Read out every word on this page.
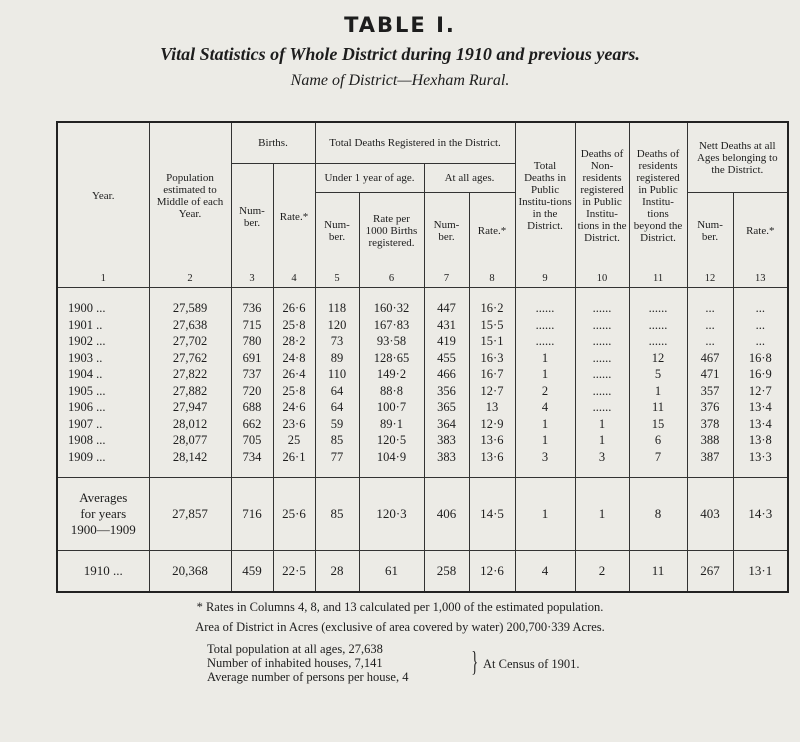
TABLE I.
Vital Statistics of Whole District during 1910 and previous years.
Name of District—Hexham Rural.
Year.	Population estimated to Middle of each Year.	Births.		Total Deaths Registered in the District.				Total Deaths in Public Institu-tions in the District.	Deaths of Non-residents registered in Public Institu-tions in the District.	Deaths of residents registered in Public Institu-tions beyond the District.	Nett Deaths at all Ages belonging to the District.	
		Num-ber.	Rate.*	Under 1 year of age.		At all ages.						
				Num-ber.	Rate per 1000 Births registered.	Num-ber.	Rate.*				Num-ber.	Rate.*
1	2	3	4	5	6	7	8	9	10	11	12	13

1900 ...	27,589	736	26·6	118	160·32	447	16·2	......	......	......	...	...
1901 ..	27,638	715	25·8	120	167·83	431	15·5	......	......	......	...	...
1902 ...	27,702	780	28·2	73	93·58	419	15·1	......	......	......	...	...
1903 ..	27,762	691	24·8	89	128·65	455	16·3	1	......	12	467	16·8
1904 ..	27,822	737	26·4	110	149·2	466	16·7	1	......	5	471	16·9
1905 ...	27,882	720	25·8	64	88·8	356	12·7	2	......	1	357	12·7
1906 ...	27,947	688	24·6	64	100·7	365	13	4	......	11	376	13·4
1907 ..	28,012	662	23·6	59	89·1	364	12·9	1	1	15	378	13·4
1908 ...	28,077	705	25	85	120·5	383	13·6	1	1	6	388	13·8
1909 ...	28,142	734	26·1	77	104·9	383	13·6	3	3	7	387	13·3

Averages
for years
1900—1909	27,857	716	25·6	85	120·3	406	14·5	1	1	8	403	14·3
1910 ...	20,368	459	22·5	28	61	258	12·6	4	2	11	267	13·1
* Rates in Columns 4, 8, and 13 calculated per 1,000 of the estimated population.
Area of District in Acres (exclusive of area covered by water) 200,700·339 Acres.
Total population at all ages, 27,638
Number of inhabited houses, 7,141
Average number of persons per house, 4 } At Census of 1901.
